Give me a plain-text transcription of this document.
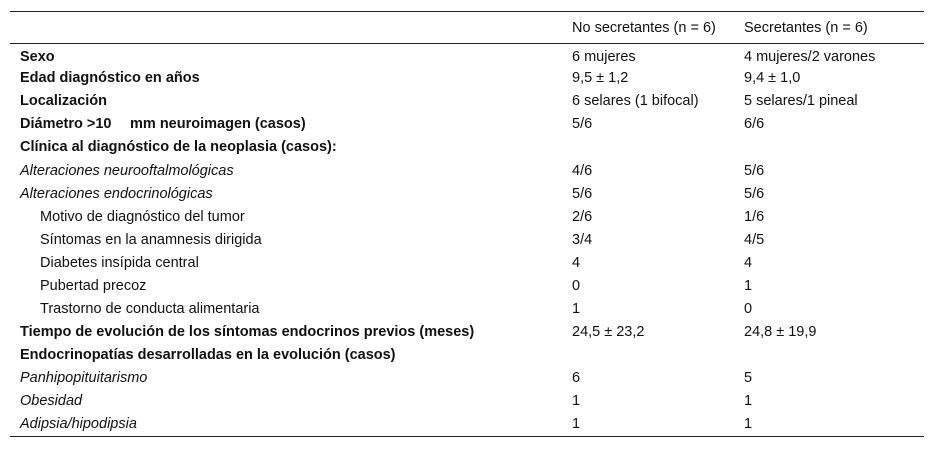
	No secretantes (n = 6)	Secretantes (n = 6)
Sexo	6 mujeres	4 mujeres/2 varones
Edad diagnóstico en años	9,5 ± 1,2	9,4 ± 1,0
Localización	6 selares (1 bifocal)	5 selares/1 pineal
Diámetro >10  mm neuroimagen (casos)	5/6	6/6
Clínica al diagnóstico de la neoplasia (casos):		
Alteraciones neurooftalmológicas	4/6	5/6
Alteraciones endocrinológicas	5/6	5/6
Motivo de diagnóstico del tumor	2/6	1/6
Síntomas en la anamnesis dirigida	3/4	4/5
Diabetes insípida central	4	4
Pubertad precoz	0	1
Trastorno de conducta alimentaria	1	0
Tiempo de evolución de los síntomas endocrinos previos (meses)	24,5 ± 23,2	24,8 ± 19,9
Endocrinopatías desarrolladas en la evolución (casos)		
Panhipopituitarismo	6	5
Obesidad	1	1
Adipsia/hipodipsia	1	1
